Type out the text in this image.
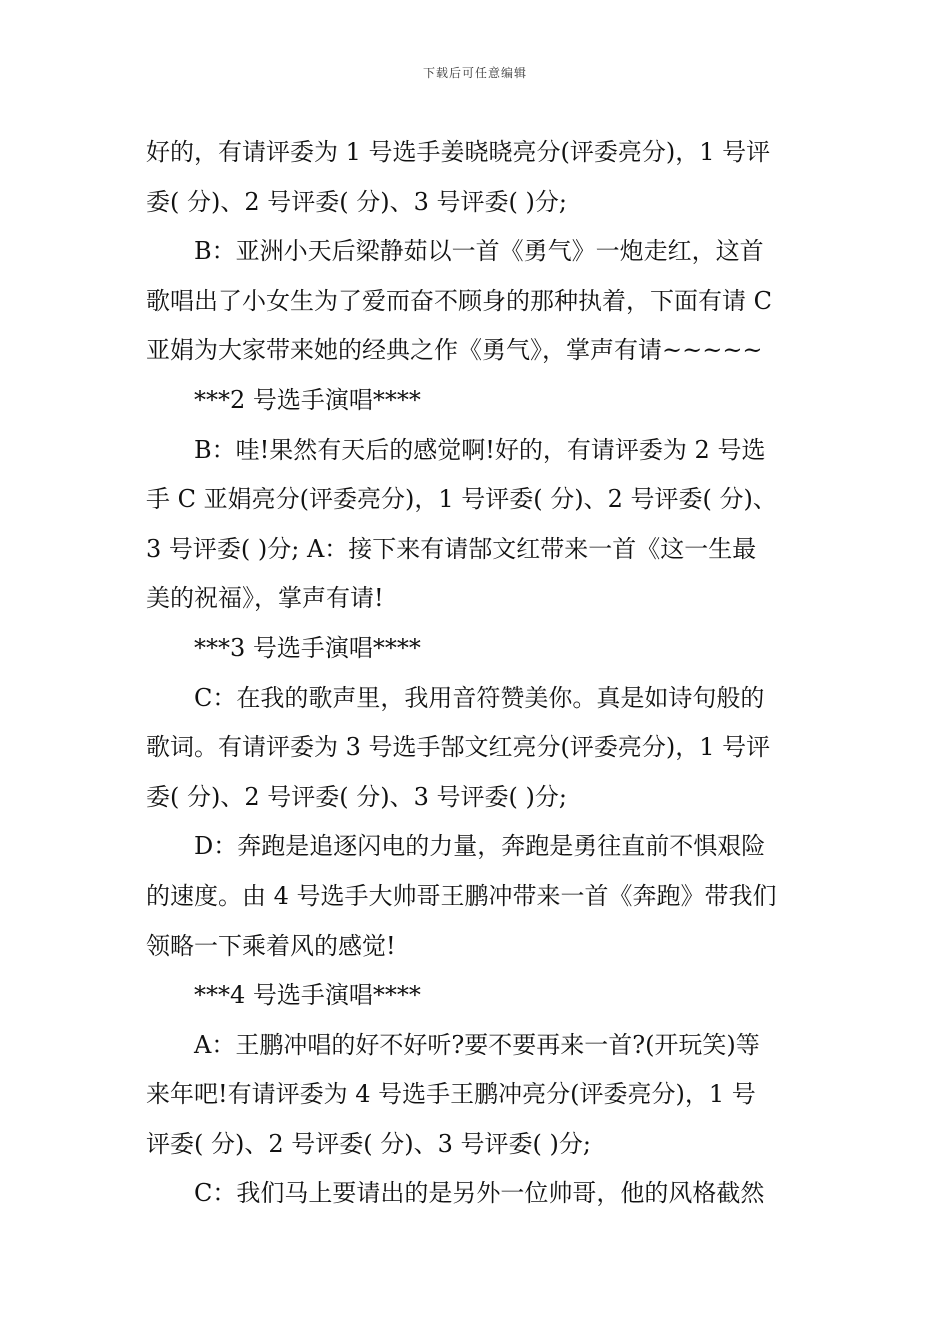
下载后可任意编辑
好的，有请评委为 1 号选手姜晓晓亮分(评委亮分)，1 号评
委( 分)、2 号评委( 分)、3 号评委( )分;
B：亚洲小天后梁静茹以一首《勇气》一炮走红，这首
歌唱出了小女生为了爱而奋不顾身的那种执着，下面有请 C
亚娟为大家带来她的经典之作《勇气》，掌声有请~~~~~
***2 号选手演唱****
B：哇!果然有天后的感觉啊!好的，有请评委为 2 号选
手 C 亚娟亮分(评委亮分)，1 号评委( 分)、2 号评委( 分)、
3 号评委( )分; A：接下来有请郜文红带来一首《这一生最
美的祝福》，掌声有请!
***3 号选手演唱****
C：在我的歌声里，我用音符赞美你。真是如诗句般的
歌词。有请评委为 3 号选手郜文红亮分(评委亮分)，1 号评
委( 分)、2 号评委( 分)、3 号评委( )分;
D：奔跑是追逐闪电的力量，奔跑是勇往直前不惧艰险
的速度。由 4 号选手大帅哥王鹏冲带来一首《奔跑》带我们
领略一下乘着风的感觉!
***4 号选手演唱****
A：王鹏冲唱的好不好听?要不要再来一首?(开玩笑)等
来年吧!有请评委为 4 号选手王鹏冲亮分(评委亮分)，1 号
评委( 分)、2 号评委( 分)、3 号评委( )分;
C：我们马上要请出的是另外一位帅哥，他的风格截然
